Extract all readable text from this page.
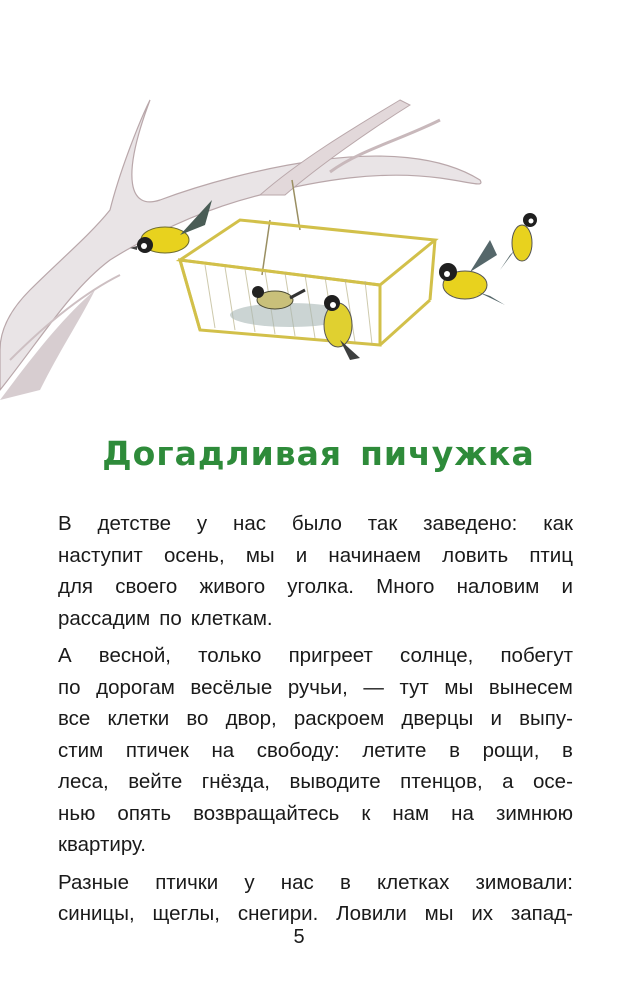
Догадливая пичужка
В детстве у нас было так заведено: как
наступит осень, мы и начинаем ловить птиц
для своего живого уголка. Много наловим и
рассадим по клеткам.
А весной, только пригреет солнце, побегут
по дорогам весёлые ручьи, — тут мы вынесем
все клетки во двор, раскроем дверцы и выпу-
стим птичек на свободу: летите в рощи, в
леса, вейте гнёзда, выводите птенцов, а осе-
нью опять возвращайтесь к нам на зимнюю
квартиру.
Разные птички у нас в клетках зимовали:
синицы, щеглы, снегири. Ловили мы их запад-
5
